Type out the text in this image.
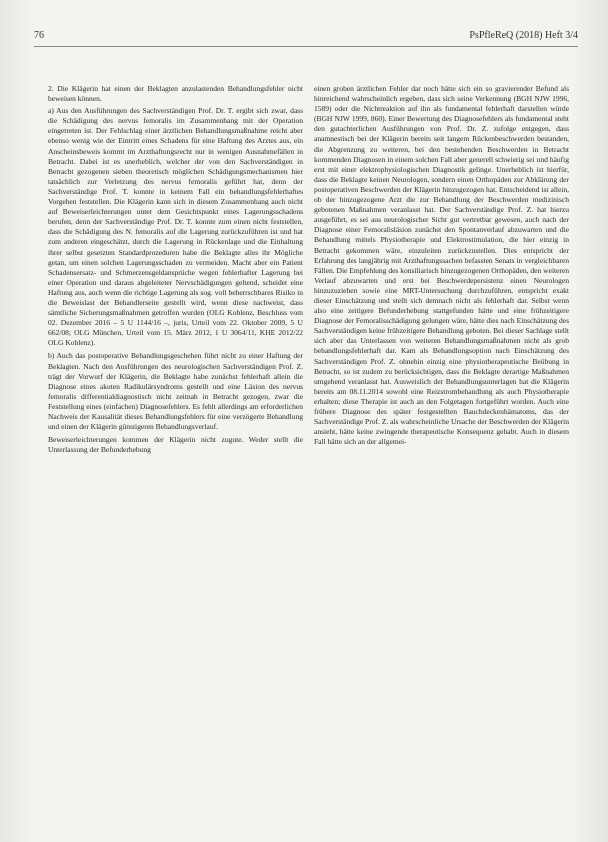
76	PsPfleReQ (2018) Heft 3/4

2. Die Klägerin hat einen der Beklagten anzulastenden Behandlungsfehler nicht beweisen können.

a) Aus den Ausführungen des Sachverständigen Prof. Dr. T. ergibt sich zwar, dass die Schädigung des nervus femoralis im Zusammenhang mit der Operation eingetreten ist. Der Fehlschlag einer ärztlichen Behandlungsmaßnahme reicht aber ebenso wenig wie der Eintritt eines Schadens für eine Haftung des Arztes aus, ein Anscheinsbeweis kommt im Arzthaftungsrecht nur in wenigen Ausnahmefällen in Betracht. Dabei ist es unerheblich, welcher der von den Sachverständigen in Betracht gezogenen sieben theoretisch möglichen Schädigungsmechanismen hier tatsächlich zur Verletzung des nervus femoralis geführt hat, denn der Sachverständige Prof. T. konnte in keinem Fall ein behandlungsfehlerhaftes Vorgehen feststellen. Die Klägerin kann sich in diesem Zusammenhang auch nicht auf Beweiserleichterungen unter dem Gesichtspunkt eines Lagerungsschadens berufen, denn der Sachverständige Prof. Dr. T. konnte zum einen nicht feststellen, dass die Schädigung des N. femoralis auf die Lagerung zurückzuführen ist und hat zum anderen eingeschätzt, durch die Lagerung in Rückenlage und die Einhaltung ihrer selbst gesetzten Standardprozeduren habe die Beklagte alles ihr Mögliche getan, um einen solchen Lagerungsschaden zu vermeiden. Macht aber ein Patient Schadensersatz- und Schmerzensgeldansprüche wegen fehlerhafter Lagerung bei einer Operation und daraus abgeleiteter Nervschädigungen geltend, scheidet eine Haftung aus, auch wenn die richtige Lagerung als sog. voll beherrschbares Risiko in die Beweislast der Behandlerseite gestellt wird, wenn diese nachweist, dass sämtliche Sicherungsmaßnahmen getroffen wurden (OLG Koblenz, Beschluss vom 02. Dezember 2016 – 5 U 1144/16 –, juris, Urteil vom 22. Oktober 2009, 5 U 662/08; OLG München, Urteil vom 15. März 2012, 1 U 3064/11, KHE 2012/22 OLG Koblenz).

b) Auch das postoperative Behandlungsgeschehen führt nicht zu einer Haftung der Beklagten. Nach den Ausführungen des neurologischen Sachverständigen Prof. Z. trägt der Vorwurf der Klägerin, die Beklagte habe zunächst fehlerhaft allein die Diagnose eines akuten Radikulärsyndroms gestellt und eine Läsion des nervus femoralis differentialdiagnostisch nicht zeitnah in Betracht gezogen, zwar die Feststellung eines (einfachen) Diagnosefehlers. Es fehlt allerdings am erforderlichen Nachweis der Kausalität dieses Behandlungsfehlers für eine verzögerte Behandlung und einen der Klägerin günstigeren Behandlungsverlauf.

Beweiserleichterungen kommen der Klägerin nicht zugute. Weder stellt die Unterlassung der Befunderhebung

einen groben ärztlichen Fehler dar noch hätte sich ein so gravierender Befund als hinreichend wahrscheinlich ergeben, dass sich seine Verkennung (BGH NJW 1996, 1589) oder die Nichtreaktion auf ihn als fundamental fehlerhaft darstellen würde (BGH NJW 1999, 860). Einer Bewertung des Diagnosefehlers als fundamental steht den gutachterlichen Ausführungen von Prof. Dr. Z. zufolge entgegen, dass anamnestisch bei der Klägerin bereits seit langem Rückenbeschwerden bestanden, die Abgrenzung zu weiteren, bei den bestehenden Beschwerden in Betracht kommenden Diagnosen in einem solchen Fall aber generell schwierig sei und häufig erst mit einer elektrophysiologischen Diagnostik gelinge. Unerheblich ist hierfür, dass die Beklagte keinen Neurologen, sondern einen Orthopäden zur Abklärung der postoperativen Beschwerden der Klägerin hinzugezogen hat. Entscheidend ist allein, ob der hinzugezogene Arzt die zur Behandlung der Beschwerden medizinisch gebotenen Maßnahmen veranlasst hat. Der Sachverständige Prof. Z. hat hierzu ausgeführt, es sei aus neurologischer Sicht gut vertretbar gewesen, auch nach der Diagnose einer Femoralisläsion zunächst den Spontanverlauf abzuwarten und die Behandlung mittels Physiotherapie und Elektrostimulation, die hier einzig in Betracht gekommen wäre, einzuleiten zurückzustellen. Dies entspricht der Erfahrung des langjährig mit Arzthaftungssachen befassten Senats in vergleichbaren Fällen. Die Empfehlung des konsiliarisch hinzugezogenen Orthopäden, den weiteren Verlauf abzuwarten und erst bei Beschwerdepersistenz einen Neurologen hinzuzuziehen sowie eine MRT-Untersuchung durchzuführen, entspricht exakt dieser Einschätzung und stellt sich demnach nicht als fehlerhaft dar. Selbst wenn also eine zeitigere Befunderhebung stattgefunden hätte und eine frühzeitigere Diagnose der Femoralisschädigung gelungen wäre, hätte dies nach Einschätzung des Sachverständigen keine frühzeitigere Behandlung geboten. Bei dieser Sachlage stellt sich aber das Unterlassen von weiteren Behandlungsmaßnahmen nicht als grob behandlungsfehlerhaft dar. Kam als Behandlungsoption nach Einschätzung des Sachverständigen Prof. Z. ohnehin einzig eine physiotherapeutische Beübung in Betracht, so ist zudem zu berücksichtigen, dass die Beklagte derartige Maßnahmen umgehend veranlasst hat. Ausweislich der Behandlungsunterlagen hat die Klägerin bereits am 08.11.2014 sowohl eine Reizstrombehandlung als auch Physiotherapie erhalten; diese Therapie ist auch an den Folgetagen fortgeführt worden. Auch eine frühere Diagnose des später festgestellten Bauchdeckenhämatoms, das der Sachverständige Prof. Z. als wahrscheinliche Ursache der Beschwerden der Klägerin ansieht, hätte keine zwingende therapeutische Konsequenz gehabt. Auch in diesem Fall hätte sich an der allgemei-
